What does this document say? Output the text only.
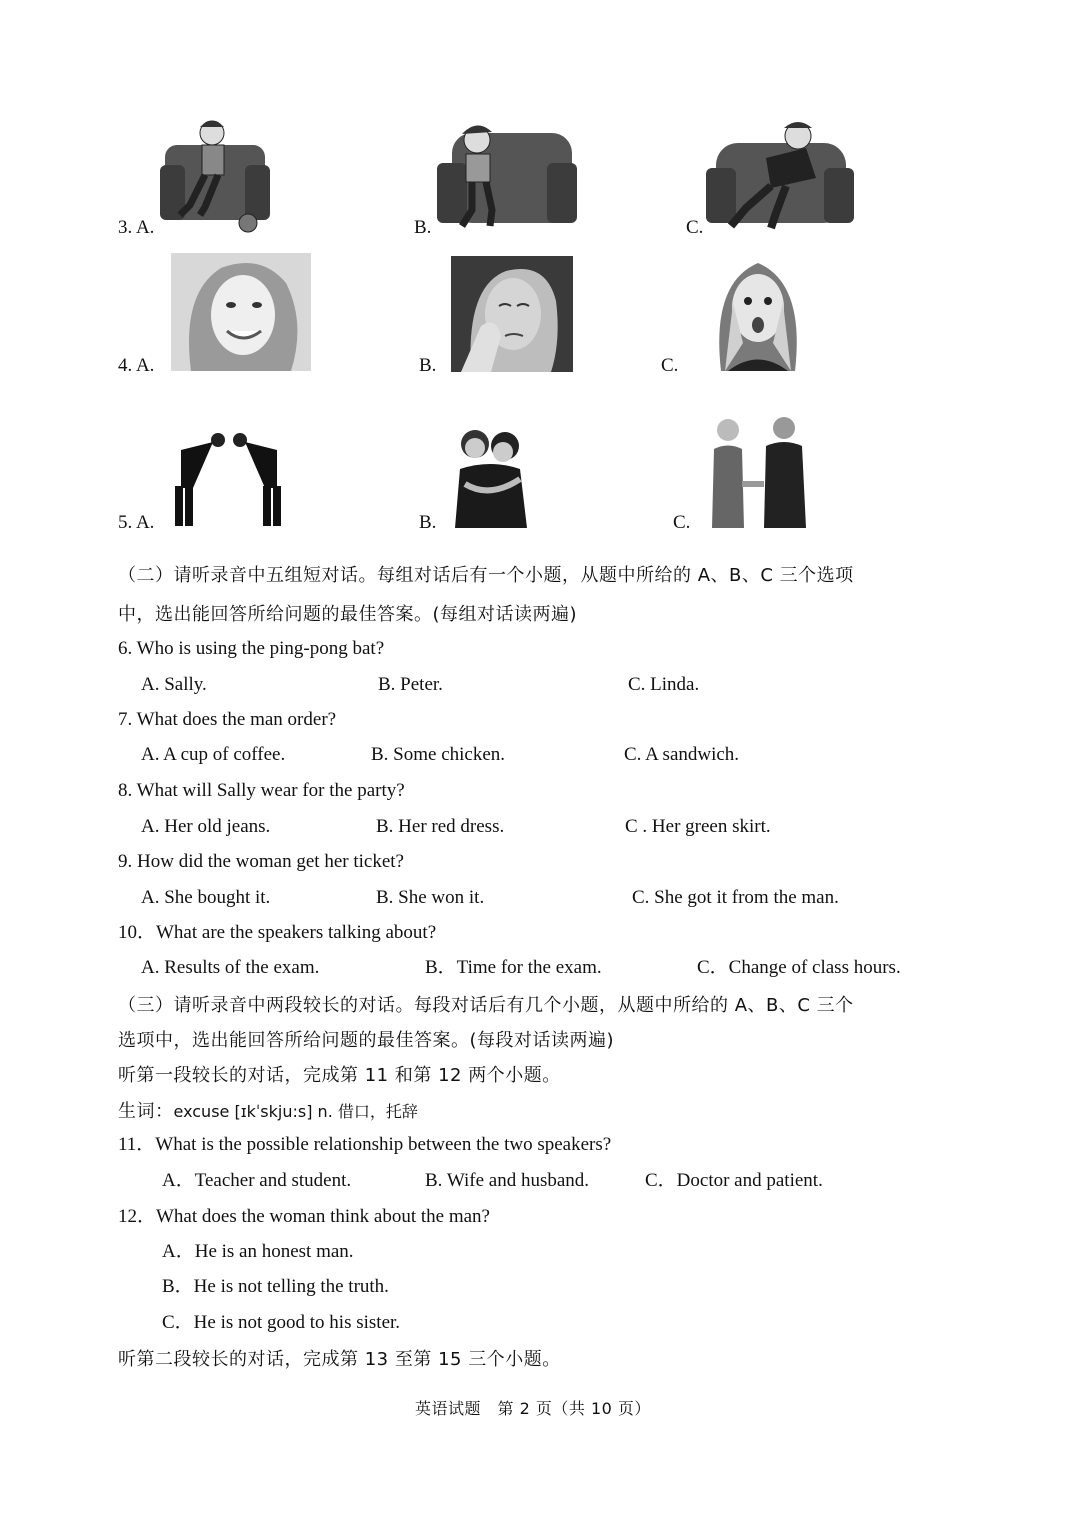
3. A.	B.	C.
4. A.	B.	C.
5. A.	B.	C.
（二）请听录音中五组短对话。每组对话后有一个小题，从题中所给的 A、B、C 三个选项
中，选出能回答所给问题的最佳答案。(每组对话读两遍)
6. Who is using the ping-pong bat?
A. Sally.	B. Peter.	C. Linda.
7. What does the man order?
A. A cup of coffee.	B. Some chicken.	C. A sandwich.
8. What will Sally wear for the party?
A. Her old jeans.	B. Her red dress.	C . Her green skirt.
9. How did the woman get her ticket?
A. She bought it.	B. She won it.	C. She got it from the man.
10．What are the speakers talking about?
A. Results of the exam.	B．Time for the exam.	C．Change of class hours.
（三）请听录音中两段较长的对话。每段对话后有几个小题，从题中所给的 A、B、C 三个
选项中，选出能回答所给问题的最佳答案。(每段对话读两遍)
听第一段较长的对话，完成第 11 和第 12 两个小题。
生词：excuse [ɪkˈskju:s] n. 借口，托辞
11．What is the possible relationship between the two speakers?
A．Teacher and student.	B. Wife and husband.	C．Doctor and patient.
12．What does the woman think about the man?
A．He is an honest man.
B．He is not telling the truth.
C．He is not good to his sister.
听第二段较长的对话，完成第 13 至第 15 三个小题。
英语试题　第 2 页（共 10 页）
